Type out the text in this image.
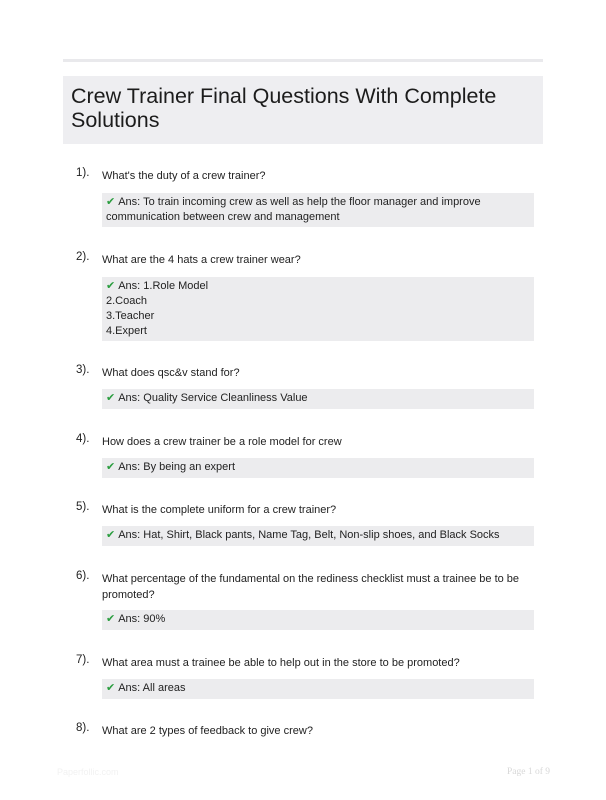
Crew Trainer Final Questions With Complete Solutions
1). What's the duty of a crew trainer?
✔ Ans: To train incoming crew as well as help the floor manager and improve communication between crew and management
2). What are the 4 hats a crew trainer wear?
✔ Ans: 1.Role Model
2.Coach
3.Teacher
4.Expert
3). What does qsc&v stand for?
✔ Ans: Quality Service Cleanliness Value
4). How does a crew trainer be a role model for crew
✔ Ans: By being an expert
5). What is the complete uniform for a crew trainer?
✔ Ans: Hat, Shirt, Black pants, Name Tag, Belt, Non-slip shoes, and Black Socks
6). What percentage of the fundamental on the rediness checklist must a trainee be to be promoted?
✔ Ans: 90%
7). What area must a trainee be able to help out in the store to be promoted?
✔ Ans: All areas
8). What are 2 types of feedback to give crew?
Paperfollic.com	Page 1 of 9
